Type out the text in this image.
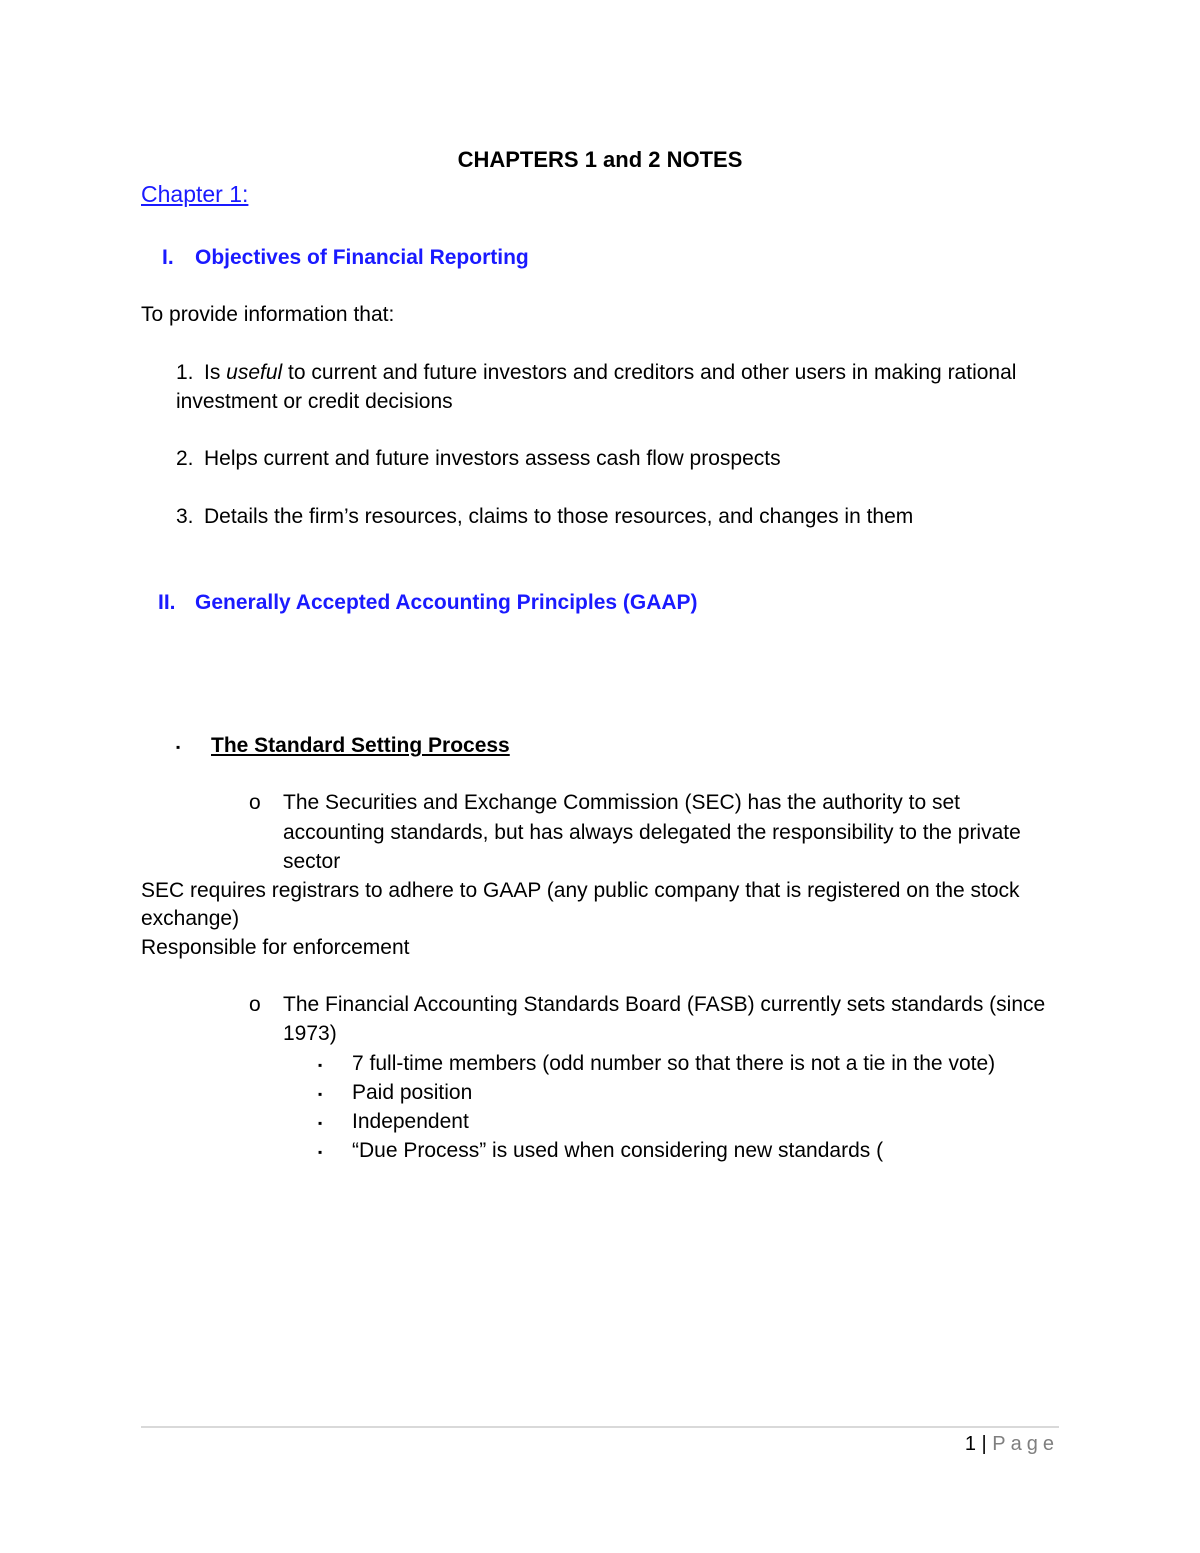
CHAPTERS 1 and 2 NOTES
Chapter 1:
I. Objectives of Financial Reporting
To provide information that:
1. Is useful to current and future investors and creditors and other users in making rational
investment or credit decisions
2. Helps current and future investors assess cash flow prospects
3. Details the firm’s resources, claims to those resources, and changes in them
II. Generally Accepted Accounting Principles (GAAP)
▪ The Standard Setting Process
o The Securities and Exchange Commission (SEC) has the authority to set
accounting standards, but has always delegated the responsibility to the private
sector
SEC requires registrars to adhere to GAAP (any public company that is registered on the stock
exchange)
Responsible for enforcement
o The Financial Accounting Standards Board (FASB) currently sets standards (since
1973)
▪ 7 full-time members (odd number so that there is not a tie in the vote)
▪ Paid position
▪ Independent
▪ “Due Process” is used when considering new standards (
1 | Page
